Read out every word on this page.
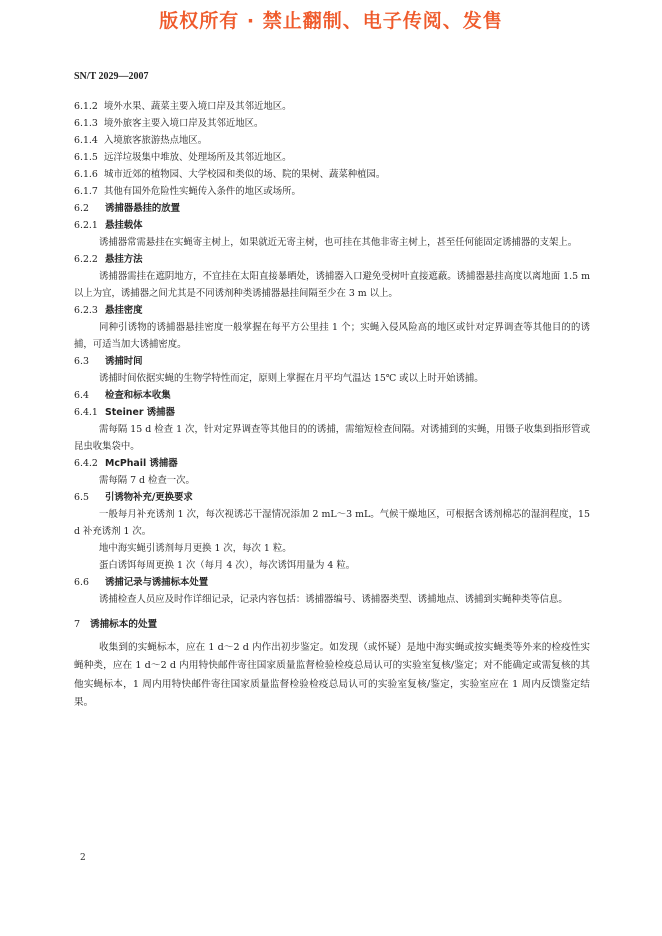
版权所有 · 禁止翻制、电子传阅、发售
SN/T 2029—2007
6.1.2 境外水果、蔬菜主要入境口岸及其邻近地区。
6.1.3 境外旅客主要入境口岸及其邻近地区。
6.1.4 入境旅客旅游热点地区。
6.1.5 远洋垃圾集中堆放、处理场所及其邻近地区。
6.1.6 城市近郊的植物园、大学校园和类似的场、院的果树、蔬菜种植园。
6.1.7 其他有国外危险性实蝇传入条件的地区或场所。
6.2 诱捕器悬挂的放置
6.2.1 悬挂载体
诱捕器常需悬挂在实蝇寄主树上，如果就近无寄主树，也可挂在其他非寄主树上，甚至任何能固定诱捕器的支架上。
6.2.2 悬挂方法
诱捕器需挂在遮阴地方，不宜挂在太阳直接暴晒处，诱捕器入口避免受树叶直接遮蔽。诱捕器悬挂高度以离地面 1.5 m 以上为宜，诱捕器之间尤其是不同诱剂种类诱捕器悬挂间隔至少在 3 m 以上。
6.2.3 悬挂密度
同种引诱物的诱捕器悬挂密度一般掌握在每平方公里挂 1 个；实蝇入侵风险高的地区或针对定界调查等其他目的的诱捕，可适当加大诱捕密度。
6.3 诱捕时间
诱捕时间依据实蝇的生物学特性而定，原则上掌握在月平均气温达 15℃ 或以上时开始诱捕。
6.4 检查和标本收集
6.4.1 Steiner 诱捕器
需每隔 15 d 检查 1 次，针对定界调查等其他目的的诱捕，需缩短检查间隔。对诱捕到的实蝇，用镊子收集到指形管或昆虫收集袋中。
6.4.2 McPhail 诱捕器
需每隔 7 d 检查一次。
6.5 引诱物补充/更换要求
一般每月补充诱剂 1 次，每次视诱芯干湿情况添加 2 mL～3 mL。气候干燥地区，可根据含诱剂棉芯的湿润程度，15 d 补充诱剂 1 次。
地中海实蝇引诱剂每月更换 1 次，每次 1 粒。
蛋白诱饵每周更换 1 次（每月 4 次），每次诱饵用量为 4 粒。
6.6 诱捕记录与诱捕标本处置
诱捕检查人员应及时作详细记录，记录内容包括：诱捕器编号、诱捕器类型、诱捕地点、诱捕到实蝇种类等信息。
7 诱捕标本的处置
收集到的实蝇标本，应在 1 d～2 d 内作出初步鉴定。如发现（或怀疑）是地中海实蝇或按实蝇类等外来的检疫性实蝇种类，应在 1 d～2 d 内用特快邮件寄往国家质量监督检验检疫总局认可的实验室复核/鉴定；对不能确定或需复核的其他实蝇标本，1 周内用特快邮件寄往国家质量监督检验检疫总局认可的实验室复核/鉴定，实验室应在 1 周内反馈鉴定结果。
2
